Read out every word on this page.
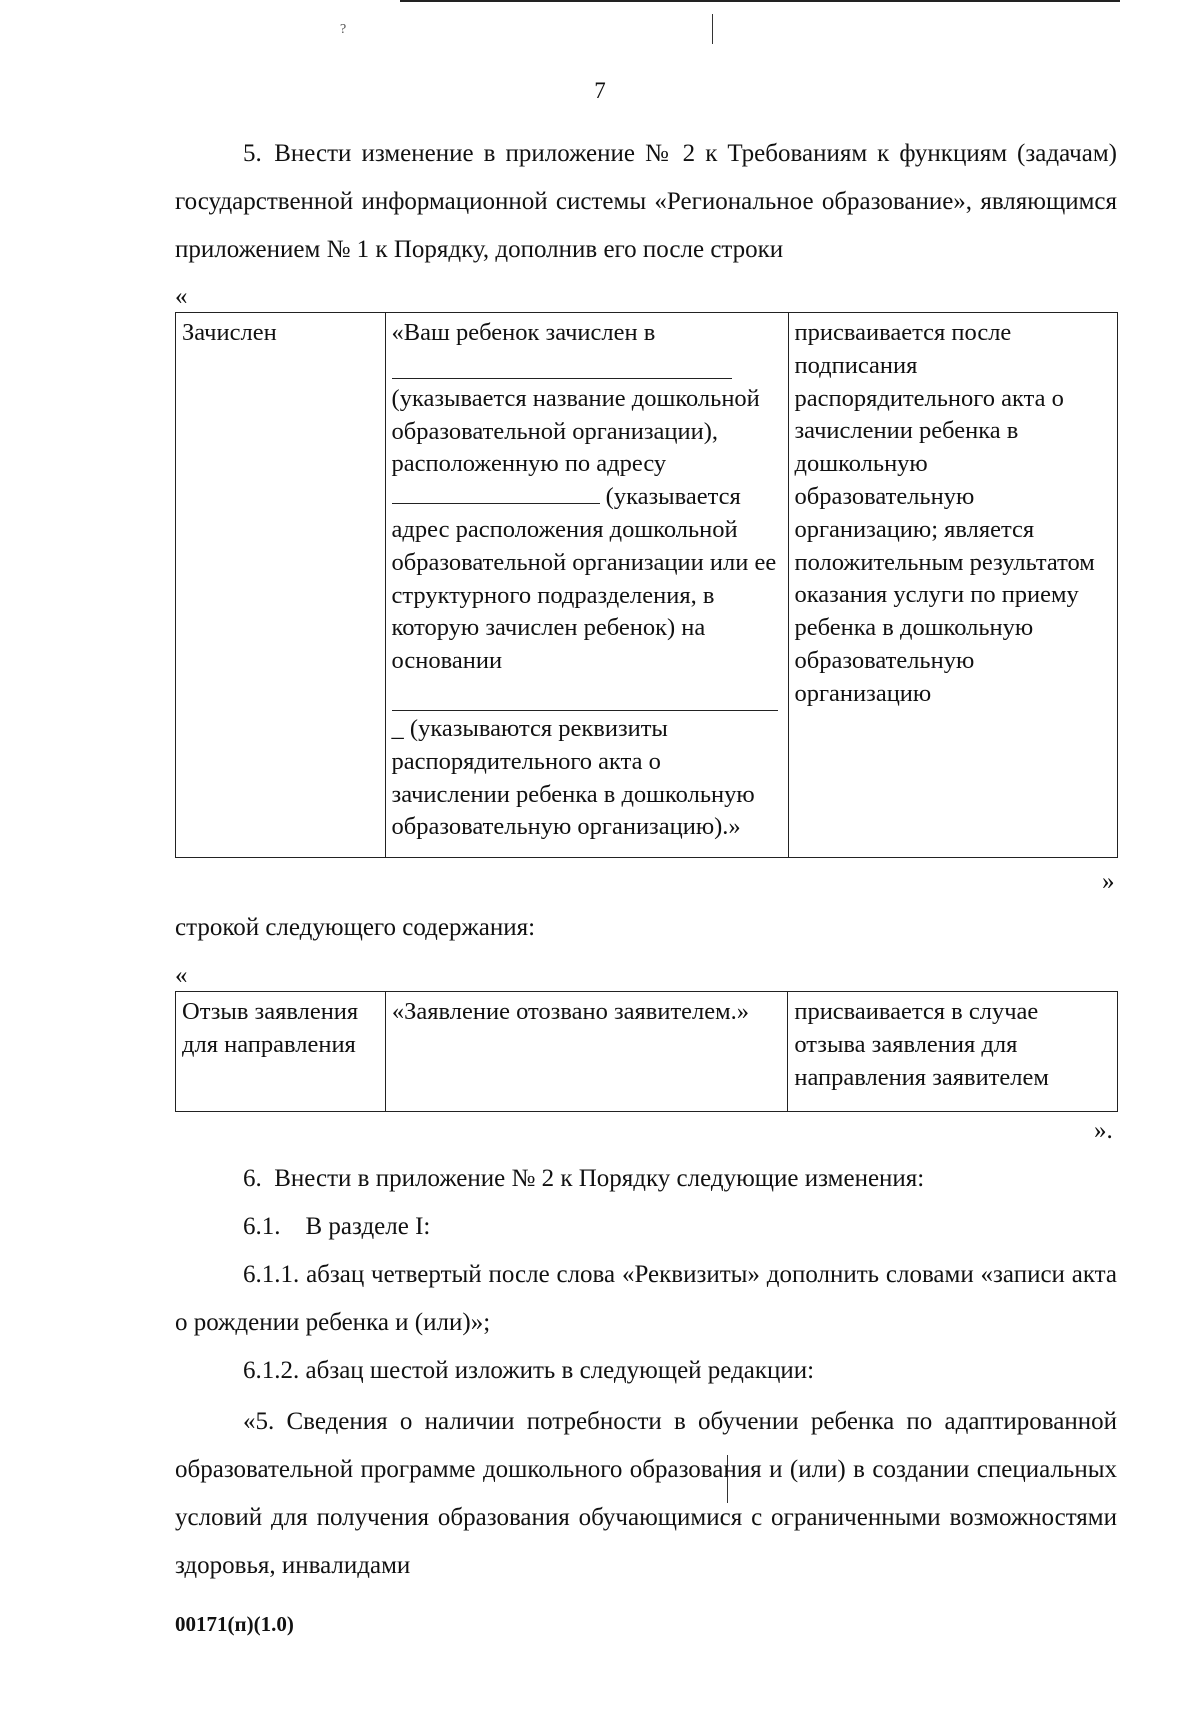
?
7

5. Внести изменение в приложение № 2 к Требованиям к функциям (задачам) государственной информационной системы «Региональное образование», являющимся приложением № 1 к Порядку, дополнив его после строки

«
Зачислен	«Ваш ребенок зачислен в
(указывается название дошкольной образовательной организации), расположенную по адресу  (указывается адрес расположения дошкольной образовательной организации или ее структурного подразделения, в которую зачислен ребенок) на основании
_ (указываются реквизиты распорядительного акта о зачислении ребенка в дошкольную образовательную организацию).»	присваивается после подписания распорядительного акта о зачислении ребенка в дошкольную образовательную организацию; является положительным результатом оказания услуги по приему ребенка в дошкольную образовательную организацию
»

строкой следующего содержания:

«
Отзыв заявления для направления	«Заявление отозвано заявителем.»	присваивается в случае отзыва заявления для направления заявителем
».

6. Внести в приложение № 2 к Порядку следующие изменения:

6.1. В разделе I:

6.1.1. абзац четвертый после слова «Реквизиты» дополнить словами «записи акта о рождении ребенка и (или)»;

6.1.2. абзац шестой изложить в следующей редакции:

«5. Сведения о наличии потребности в обучении ребенка по адаптированной образовательной программе дошкольного образования и (или) в создании специальных условий для получения образования обучающимися с ограниченными возможностями здоровья, инвалидами

00171(п)(1.0)
